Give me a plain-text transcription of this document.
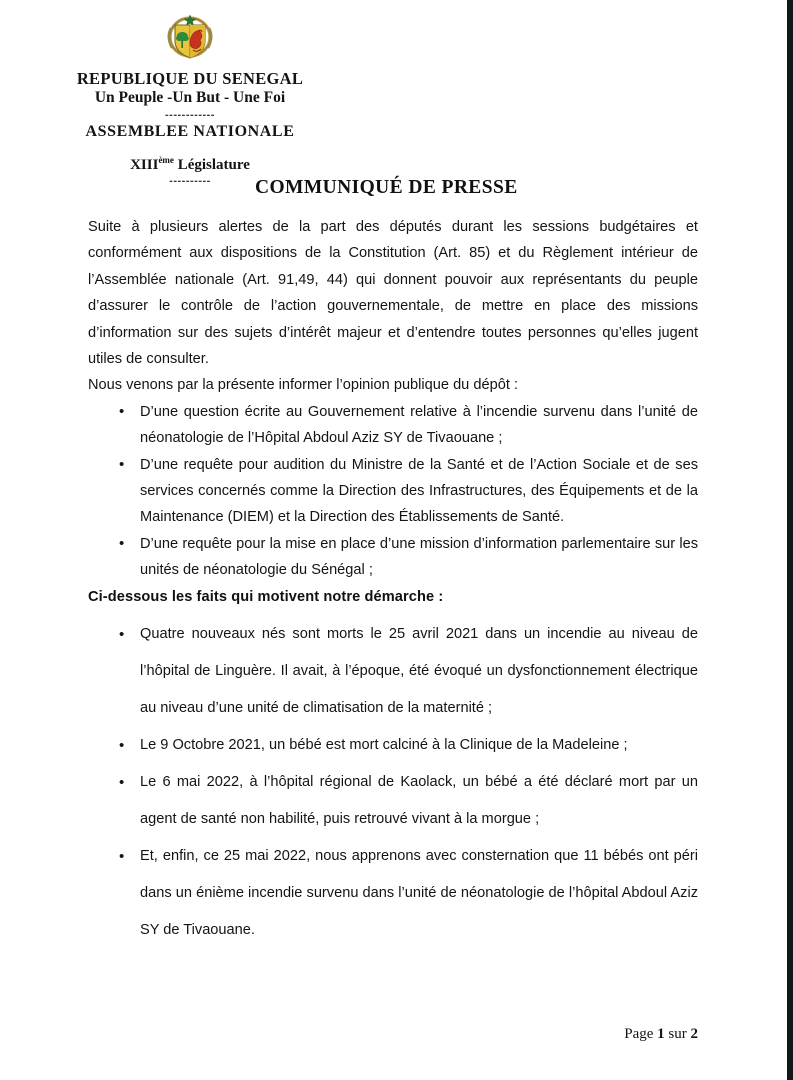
REPUBLIQUE DU SENEGAL
Un Peuple -Un But - Une Foi
------------
ASSEMBLEE NATIONALE
XIIIème Législature
----------	COMMUNIQUÉ DE PRESSE

Suite à plusieurs alertes de la part des députés durant les sessions budgétaires et conformément aux dispositions de la Constitution (Art. 85) et du Règlement intérieur de l’Assemblée nationale (Art. 91,49, 44) qui donnent pouvoir aux représentants du peuple d’assurer le contrôle de l’action gouvernementale, de mettre en place des missions d’information sur des sujets d’intérêt majeur et d’entendre toutes personnes qu’elles jugent utiles de consulter.

Nous venons par la présente informer l’opinion publique du dépôt :

• D’une question écrite au Gouvernement relative à l’incendie survenu dans l’unité de néonatologie de l’Hôpital Abdoul Aziz SY de Tivaouane ;
• D’une requête pour audition du Ministre de la Santé et de l’Action Sociale et de ses services concernés comme la Direction des Infrastructures, des Équipements et de la Maintenance (DIEM) et la Direction des Établissements de Santé.
• D’une requête pour la mise en place d’une mission d’information parlementaire sur les unités de néonatologie du Sénégal ;

Ci-dessous les faits qui motivent notre démarche :

• Quatre nouveaux nés sont morts le 25 avril 2021 dans un incendie au niveau de l’hôpital de Linguère. Il avait, à l’époque, été évoqué un dysfonctionnement électrique au niveau d’une unité de climatisation de la maternité ;
• Le 9 Octobre 2021, un bébé est mort calciné à la Clinique de la Madeleine ;
• Le 6 mai 2022, à l’hôpital régional de Kaolack, un bébé a été déclaré mort par un agent de santé non habilité, puis retrouvé vivant à la morgue ;
• Et, enfin, ce 25 mai 2022, nous apprenons avec consternation que 11 bébés ont péri dans un énième incendie survenu dans l’unité de néonatologie de l’hôpital Abdoul Aziz SY de Tivaouane.
Page 1 sur 2
